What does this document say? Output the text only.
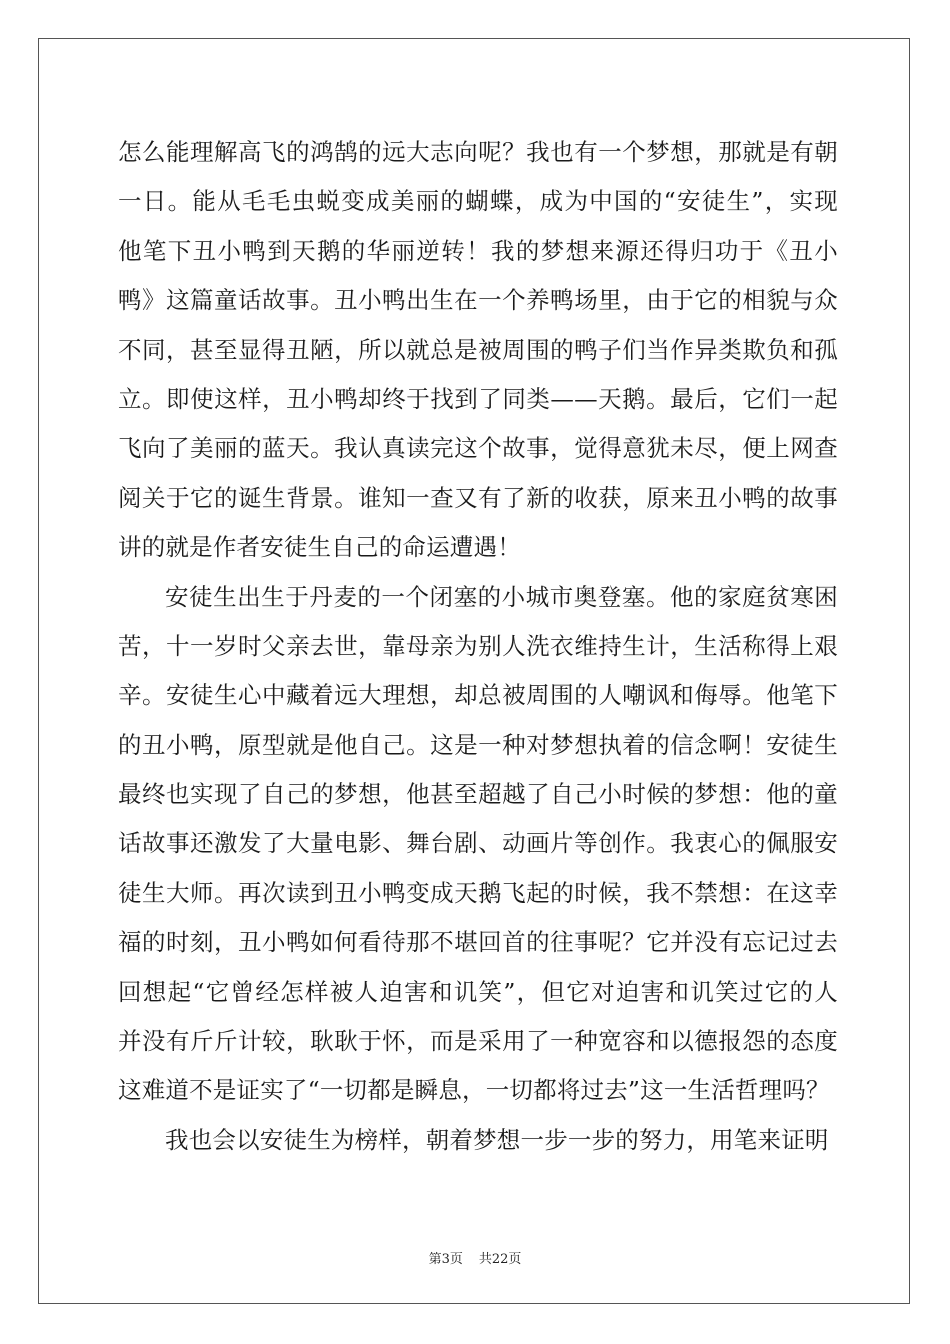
怎么能理解高飞的鸿鹄的远大志向呢？我也有一个梦想，那就是有朝
一日。能从毛毛虫蜕变成美丽的蝴蝶，成为中国的“安徒生”，实现
他笔下丑小鸭到天鹅的华丽逆转！我的梦想来源还得归功于《丑小
鸭》这篇童话故事。丑小鸭出生在一个养鸭场里，由于它的相貌与众
不同，甚至显得丑陋，所以就总是被周围的鸭子们当作异类欺负和孤
立。即使这样，丑小鸭却终于找到了同类——天鹅。最后，它们一起
飞向了美丽的蓝天。我认真读完这个故事，觉得意犹未尽，便上网查
阅关于它的诞生背景。谁知一查又有了新的收获，原来丑小鸭的故事
讲的就是作者安徒生自己的命运遭遇！
安徒生出生于丹麦的一个闭塞的小城市奥登塞。他的家庭贫寒困
苦，十一岁时父亲去世，靠母亲为别人洗衣维持生计，生活称得上艰
辛。安徒生心中藏着远大理想，却总被周围的人嘲讽和侮辱。他笔下
的丑小鸭，原型就是他自己。这是一种对梦想执着的信念啊！安徒生
最终也实现了自己的梦想，他甚至超越了自己小时候的梦想：他的童
话故事还激发了大量电影、舞台剧、动画片等创作。我衷心的佩服安
徒生大师。再次读到丑小鸭变成天鹅飞起的时候，我不禁想：在这幸
福的时刻，丑小鸭如何看待那不堪回首的往事呢？它并没有忘记过去
回想起“它曾经怎样被人迫害和讥笑”，但它对迫害和讥笑过它的人
并没有斤斤计较，耿耿于怀，而是采用了一种宽容和以德报怨的态度
这难道不是证实了“一切都是瞬息，一切都将过去”这一生活哲理吗？
我也会以安徒生为榜样，朝着梦想一步一步的努力，用笔来证明
第3页 共22页
